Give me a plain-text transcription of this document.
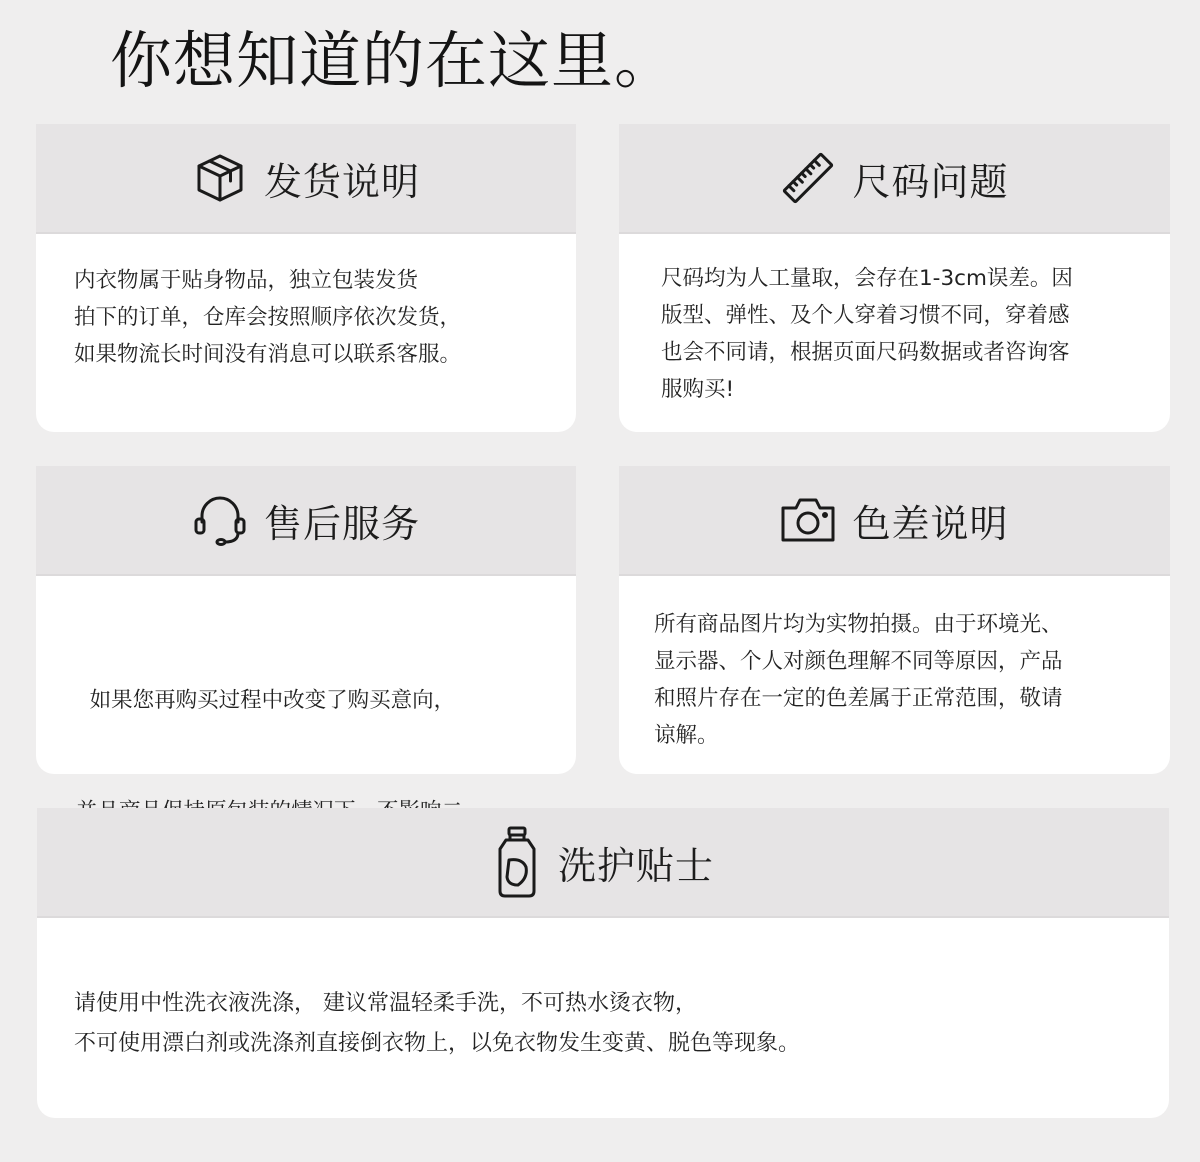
你想知道的在这里。
发货说明
内衣物属于贴身物品，独立包装发货
拍下的订单，仓库会按照顺序依次发货，
如果物流长时间没有消息可以联系客服。
尺码问题
尺码均为人工量取，会存在1-3cm误差。因
版型、弹性、及个人穿着习惯不同，穿着感
也会不同请，根据页面尺码数据或者咨询客
服购买!
售后服务

如果您再购买过程中改变了购买意向，

色差说明
所有商品图片均为实物拍摄。由于环境光、
显示器、个人对颜色理解不同等原因，产品
和照片存在一定的色差属于正常范围，敬请
谅解。
洗护贴士
请使用中性洗衣液洗涤， 建议常温轻柔手洗，不可热水烫衣物，
不可使用漂白剂或洗涤剂直接倒衣物上，以免衣物发生变黄、脱色等现象。
